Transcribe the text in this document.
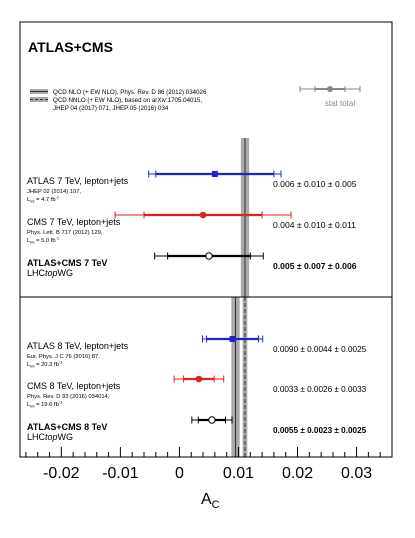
ATLAS+CMS
QCD NLO (+ EW NLO), Phys. Rev. D 86 (2012) 034026
QCD NNLO (+ EW NLO), based on arXiv:1705.04015,
JHEP 04 (2017) 071, JHEP 05 (2016) 034
stat total
ATLAS 7 TeV, lepton+jets
JHEP 02 (2014) 107,
$L_{int} = 4.7$ $fb^{-1}$
0.006 ± 0.010 ± 0.005
CMS 7 TeV, lepton+jets
Phys. Lett. B 717 (2012) 129,
$L_{int} = 5.0$ $fb^{-1}$
0.004 ± 0.010 ± 0.011
ATLAS+CMS 7 TeV
LHCtopWG
0.005 ± 0.007 ± 0.006
ATLAS 8 TeV, lepton+jets
Eur. Phys. J C 76 (2016) 87,
$L_{int} = 20.3$ $fb^{-1}$
0.0090 ± 0.0044 ± 0.0025
CMS 8 TeV, lepton+jets
Phys. Rev. D 93 (2016) 034014,
$L_{int} = 19.6$ $fb^{-1}$
0.0033 ± 0.0026 ± 0.0033
ATLAS+CMS 8 TeV
LHCtopWG
0.0055 ± 0.0023 ± 0.0025
-0.02 -0.01 0 0.01 0.02 0.03
$A_C$
